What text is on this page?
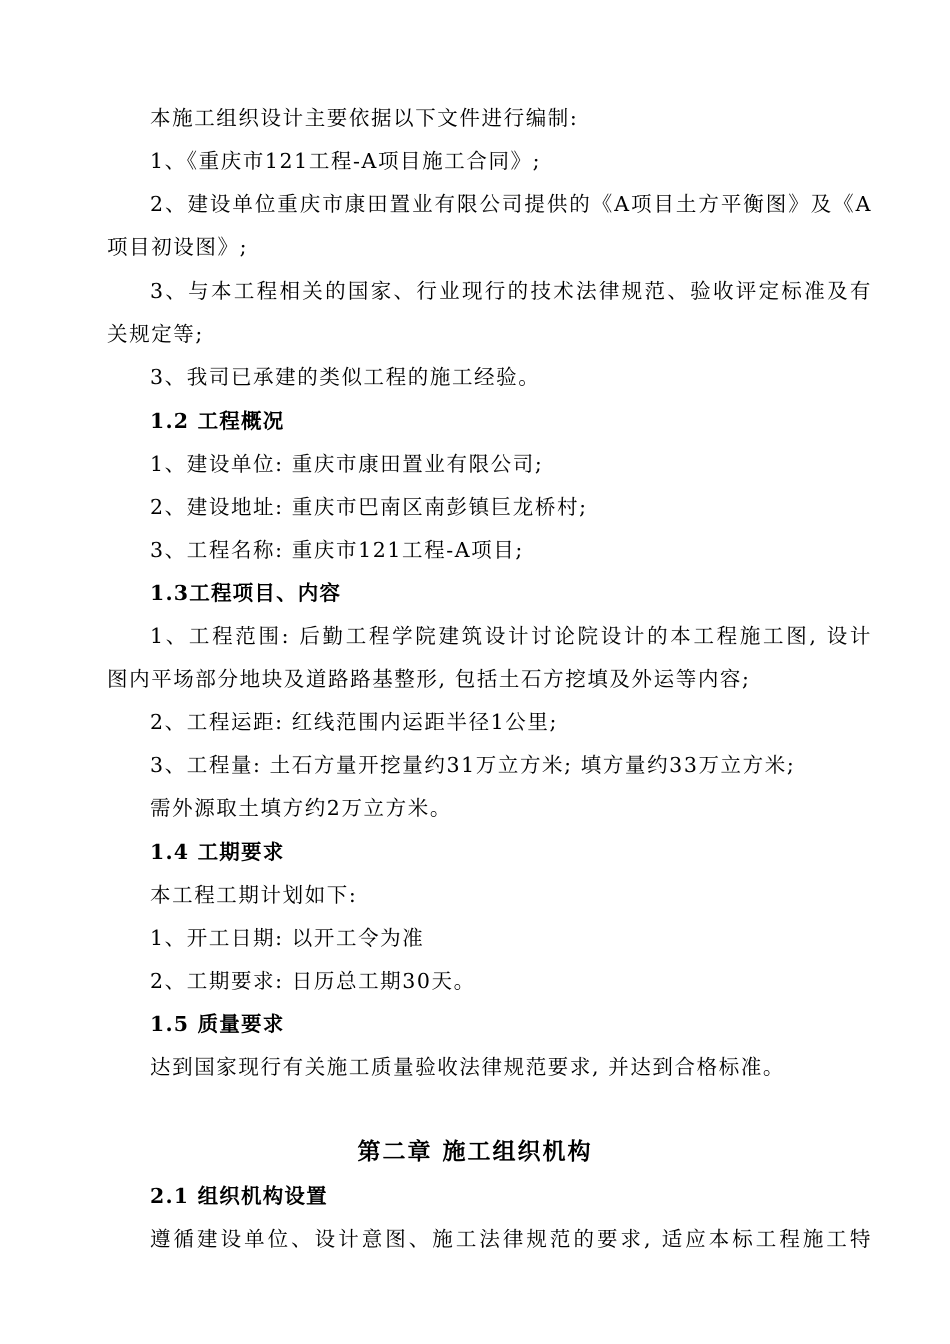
本施工组织设计主要依据以下文件进行编制:
1、《重庆市121工程-A项目施工合同》;
2、建设单位重庆市康田置业有限公司提供的《A项目土方平衡图》及《A
项目初设图》;
3、与本工程相关的国家、行业现行的技术法律规范、验收评定标准及有
关规定等;
3、我司已承建的类似工程的施工经验。
1.2 工程概况
1、建设单位: 重庆市康田置业有限公司;
2、建设地址: 重庆市巴南区南彭镇巨龙桥村;
3、工程名称: 重庆市121工程-A项目;
1.3工程项目、内容
1、工程范围: 后勤工程学院建筑设计讨论院设计的本工程施工图, 设计
图内平场部分地块及道路路基整形, 包括土石方挖填及外运等内容;
2、工程运距: 红线范围内运距半径1公里;
3、工程量: 土石方量开挖量约31万立方米; 填方量约33万立方米;
需外源取土填方约2万立方米。
1.4 工期要求
本工程工期计划如下:
1、开工日期: 以开工令为准
2、工期要求: 日历总工期30天。
1.5 质量要求
达到国家现行有关施工质量验收法律规范要求, 并达到合格标准。
第二章 施工组织机构
2.1 组织机构设置
遵循建设单位、设计意图、施工法律规范的要求, 适应本标工程施工特
